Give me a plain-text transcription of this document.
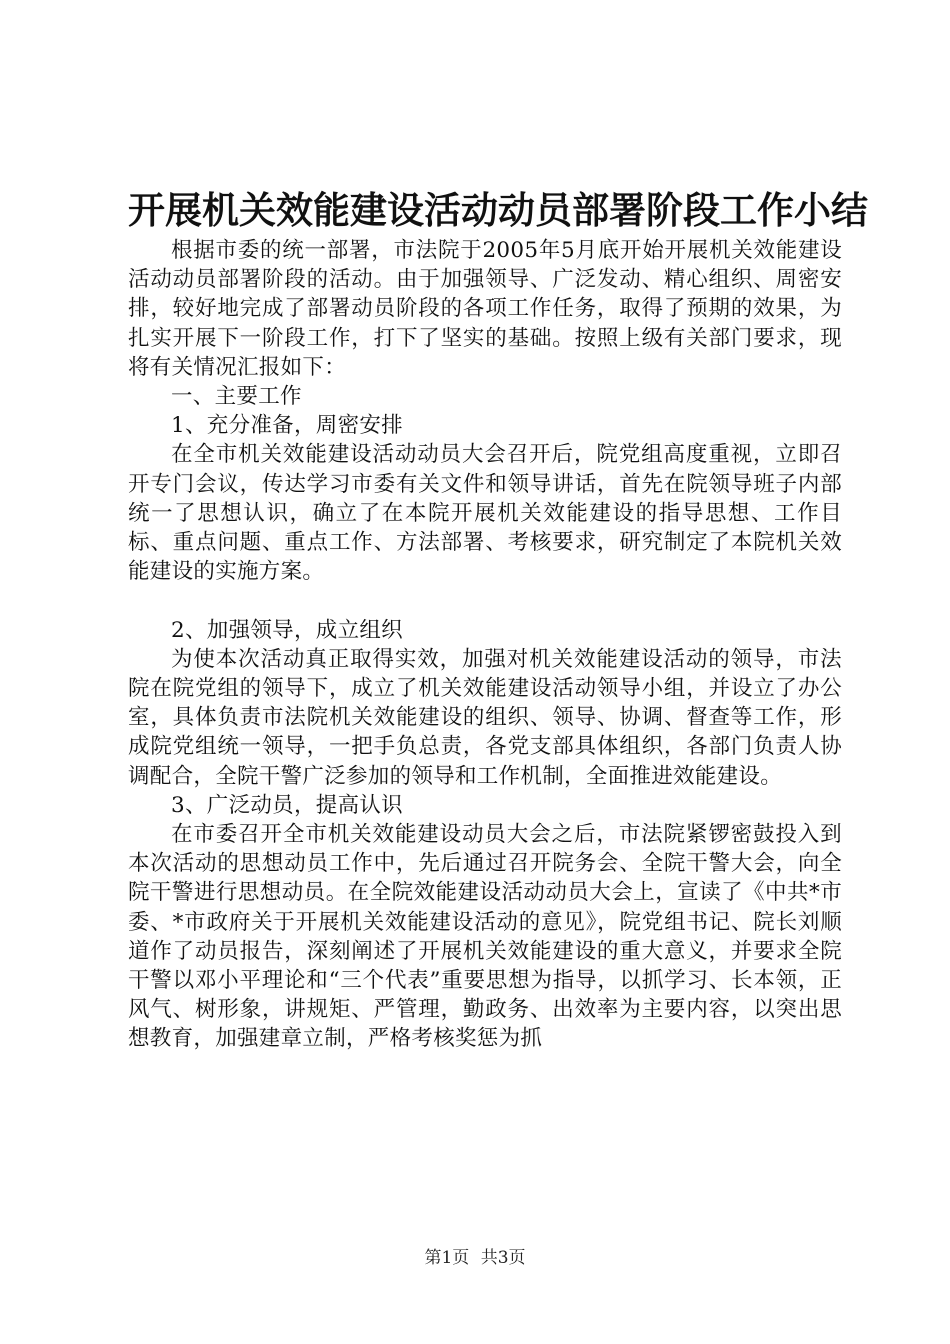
开展机关效能建设活动动员部署阶段工作小结

根据市委的统一部署，市法院于2005年5月底开始开展机关效能建设活动动员部署阶段的活动。由于加强领导、广泛发动、精心组织、周密安排，较好地完成了部署动员阶段的各项工作任务，取得了预期的效果，为扎实开展下一阶段工作，打下了坚实的基础。按照上级有关部门要求，现将有关情况汇报如下：

一、主要工作

1、充分准备，周密安排

在全市机关效能建设活动动员大会召开后，院党组高度重视，立即召开专门会议，传达学习市委有关文件和领导讲话，首先在院领导班子内部统一了思想认识，确立了在本院开展机关效能建设的指导思想、工作目标、重点问题、重点工作、方法部署、考核要求，研究制定了本院机关效能建设的实施方案。

2、加强领导，成立组织

为使本次活动真正取得实效，加强对机关效能建设活动的领导，市法院在院党组的领导下，成立了机关效能建设活动领导小组，并设立了办公室，具体负责市法院机关效能建设的组织、领导、协调、督查等工作，形成院党组统一领导，一把手负总责，各党支部具体组织，各部门负责人协调配合，全院干警广泛参加的领导和工作机制，全面推进效能建设。

3、广泛动员，提高认识

在市委召开全市机关效能建设动员大会之后，市法院紧锣密鼓投入到本次活动的思想动员工作中，先后通过召开院务会、全院干警大会，向全院干警进行思想动员。在全院效能建设活动动员大会上，宣读了《中共*市委、*市政府关于开展机关效能建设活动的意见》，院党组书记、院长刘顺道作了动员报告，深刻阐述了开展机关效能建设的重大意义，并要求全院干警以邓小平理论和“三个代表”重要思想为指导，以抓学习、长本领，正风气、树形象，讲规矩、严管理，勤政务、出效率为主要内容，以突出思想教育，加强建章立制，严格考核奖惩为抓

第1页 共3页
